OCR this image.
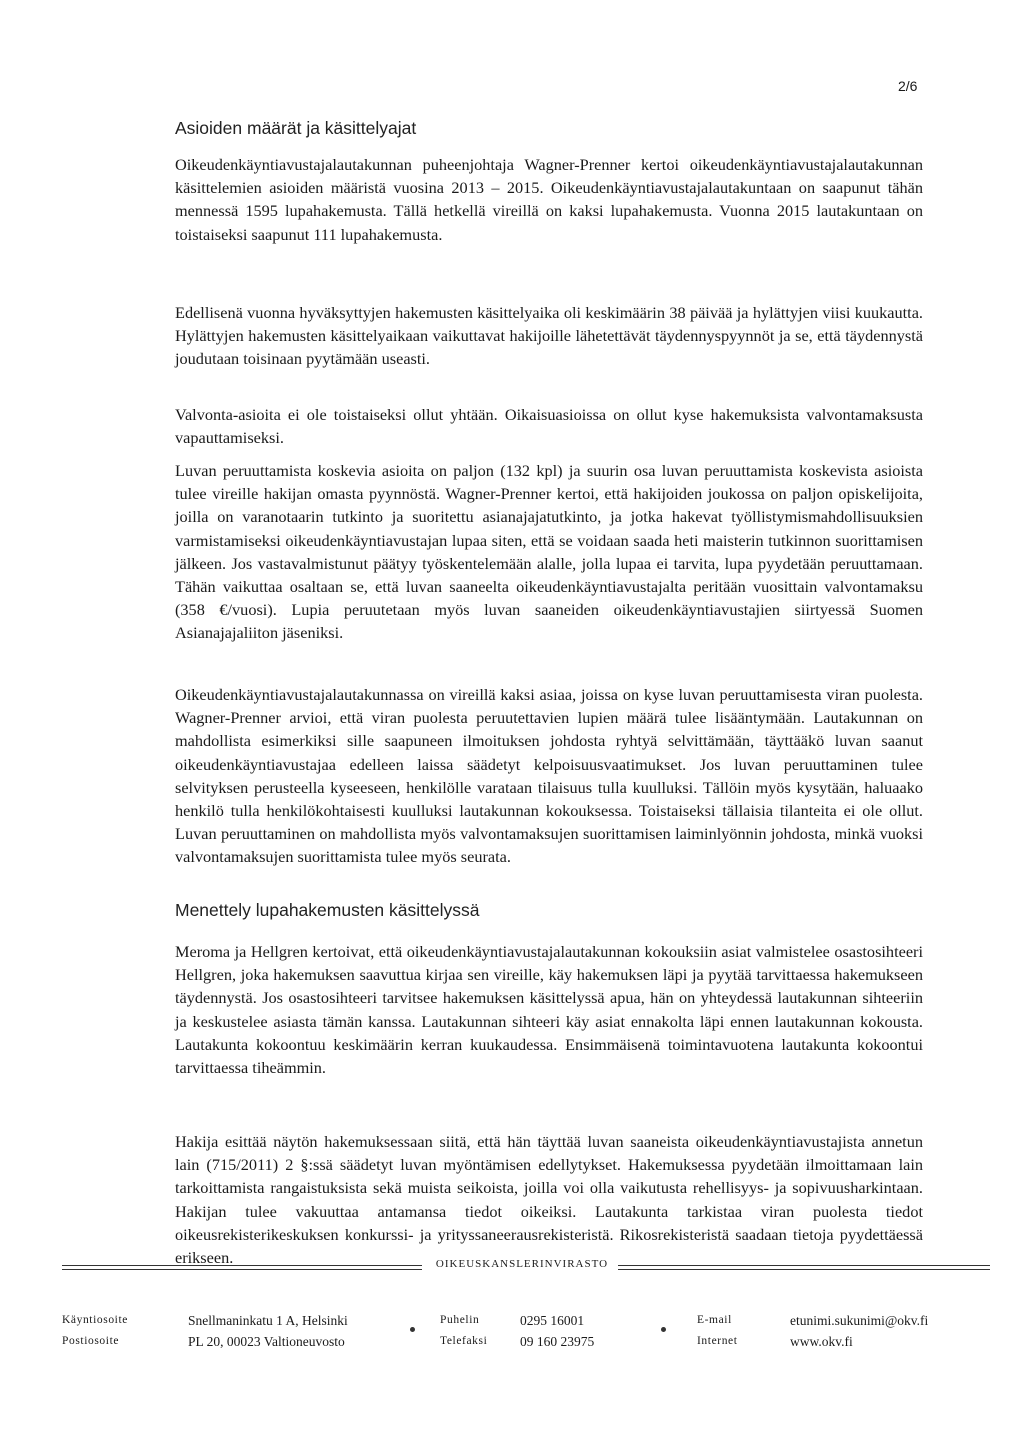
2/6
Asioiden määrät ja käsittelyajat

Oikeudenkäyntiavustajalautakunnan puheenjohtaja Wagner-Prenner kertoi oikeudenkäyntiavustajalautakunnan käsittelemien asioiden määristä vuosina 2013 – 2015. Oikeudenkäyntiavustajalautakuntaan on saapunut tähän mennessä 1595 lupahakemusta. Tällä hetkellä vireillä on kaksi lupahakemusta. Vuonna 2015 lautakuntaan on toistaiseksi saapunut 111 lupahakemusta.

Edellisenä vuonna hyväksyttyjen hakemusten käsittelyaika oli keskimäärin 38 päivää ja hylättyjen viisi kuukautta. Hylättyjen hakemusten käsittelyaikaan vaikuttavat hakijoille lähetettävät täydennyspyynnöt ja se, että täydennystä joudutaan toisinaan pyytämään useasti.

Valvonta-asioita ei ole toistaiseksi ollut yhtään. Oikaisuasioissa on ollut kyse hakemuksista valvontamaksusta vapauttamiseksi.

Luvan peruuttamista koskevia asioita on paljon (132 kpl) ja suurin osa luvan peruuttamista koskevista asioista tulee vireille hakijan omasta pyynnöstä. Wagner-Prenner kertoi, että hakijoiden joukossa on paljon opiskelijoita, joilla on varanotaarin tutkinto ja suoritettu asianajajatutkinto, ja jotka hakevat työllistymismahdollisuuksien varmistamiseksi oikeudenkäyntiavustajan lupaa siten, että se voidaan saada heti maisterin tutkinnon suorittamisen jälkeen. Jos vastavalmistunut päätyy työskentelemään alalle, jolla lupaa ei tarvita, lupa pyydetään peruuttamaan. Tähän vaikuttaa osaltaan se, että luvan saaneelta oikeudenkäyntiavustajalta peritään vuosittain valvontamaksu (358 €/vuosi). Lupia peruutetaan myös luvan saaneiden oikeudenkäyntiavustajien siirtyessä Suomen Asianajajaliiton jäseniksi.

Oikeudenkäyntiavustajalautakunnassa on vireillä kaksi asiaa, joissa on kyse luvan peruuttamisesta viran puolesta. Wagner-Prenner arvioi, että viran puolesta peruutettavien lupien määrä tulee lisääntymään. Lautakunnan on mahdollista esimerkiksi sille saapuneen ilmoituksen johdosta ryhtyä selvittämään, täyttääkö luvan saanut oikeudenkäyntiavustajaa edelleen laissa säädetyt kelpoisuusvaatimukset. Jos luvan peruuttaminen tulee selvityksen perusteella kyseeseen, henkilölle varataan tilaisuus tulla kuulluksi. Tällöin myös kysytään, haluaako henkilö tulla henkilökohtaisesti kuulluksi lautakunnan kokouksessa. Toistaiseksi tällaisia tilanteita ei ole ollut. Luvan peruuttaminen on mahdollista myös valvontamaksujen suorittamisen laiminlyönnin johdosta, minkä vuoksi valvontamaksujen suorittamista tulee myös seurata.

Menettely lupahakemusten käsittelyssä

Meroma ja Hellgren kertoivat, että oikeudenkäyntiavustajalautakunnan kokouksiin asiat valmistelee osastosihteeri Hellgren, joka hakemuksen saavuttua kirjaa sen vireille, käy hakemuksen läpi ja pyytää tarvittaessa hakemukseen täydennystä. Jos osastosihteeri tarvitsee hakemuksen käsittelyssä apua, hän on yhteydessä lautakunnan sihteeriin ja keskustelee asiasta tämän kanssa. Lautakunnan sihteeri käy asiat ennakolta läpi ennen lautakunnan kokousta. Lautakunta kokoontuu keskimäärin kerran kuukaudessa. Ensimmäisenä toimintavuotena lautakunta kokoontui tarvittaessa tiheämmin.

Hakija esittää näytön hakemuksessaan siitä, että hän täyttää luvan saaneista oikeudenkäyntiavustajista annetun lain (715/2011) 2 §:ssä säädetyt luvan myöntämisen edellytykset. Hakemuksessa pyydetään ilmoittamaan lain tarkoittamista rangaistuksista sekä muista seikoista, joilla voi olla vaikutusta rehellisyys- ja sopivuusharkintaan. Hakijan tulee vakuuttaa antamansa tiedot oikeiksi. Lautakunta tarkistaa viran puolesta tiedot oikeusrekisterikeskuksen konkurssi- ja yrityssaneerausrekisteristä. Rikosrekisteristä saadaan tietoja pyydettäessä erikseen.	OIKEUSKANSLERINVIRASTO
Käyntiosoite	Snellmaninkatu 1 A, Helsinki
Postiosoite	PL 20, 00023 Valtioneuvosto
Puhelin	0295 16001
Telefaksi 09 160 23975
E-mail	etunimi.sukunimi@okv.fi
Internet	www.okv.fi
